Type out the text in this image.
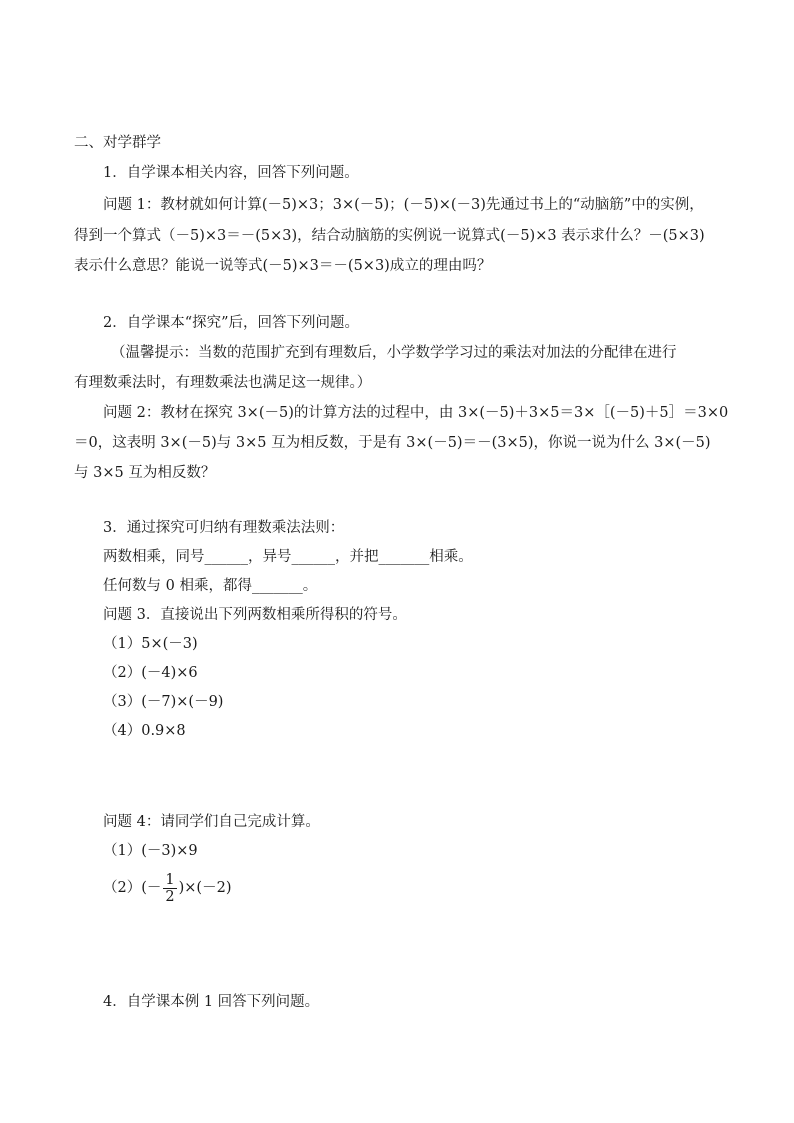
二、对学群学
1．自学课本相关内容，回答下列问题。
问题 1：教材就如何计算(－5)×3；3×(－5)；(－5)×(－3)先通过书上的“动脑筋”中的实例，
得到一个算式（－5)×3＝－(5×3)，结合动脑筋的实例说一说算式(－5)×3 表示求什么？－(5×3)
表示什么意思？能说一说等式(－5)×3＝－(5×3)成立的理由吗？
2．自学课本“探究”后，回答下列问题。
（温馨提示：当数的范围扩充到有理数后，小学数学学习过的乘法对加法的分配律在进行
有理数乘法时，有理数乘法也满足这一规律。）
问题 2：教材在探究 3×(－5)的计算方法的过程中，由 3×(－5)＋3×5＝3×［(－5)＋5］＝3×0
＝0，这表明 3×(－5)与 3×5 互为相反数，于是有 3×(－5)＝－(3×5)，你说一说为什么 3×(－5)
与 3×5 互为相反数？
3．通过探究可归纳有理数乘法法则：
两数相乘，同号______，异号______，并把_______相乘。
任何数与 0 相乘，都得_______。
问题 3．直接说出下列两数相乘所得积的符号。
（1）5×(－3)
（2）(－4)×6
（3）(－7)×(－9)
（4）0.9×8
问题 4：请同学们自己完成计算。
（1）(－3)×9
$(2)(- \frac{1}{2} )\times(-2)$
4．自学课本例 1 回答下列问题。
